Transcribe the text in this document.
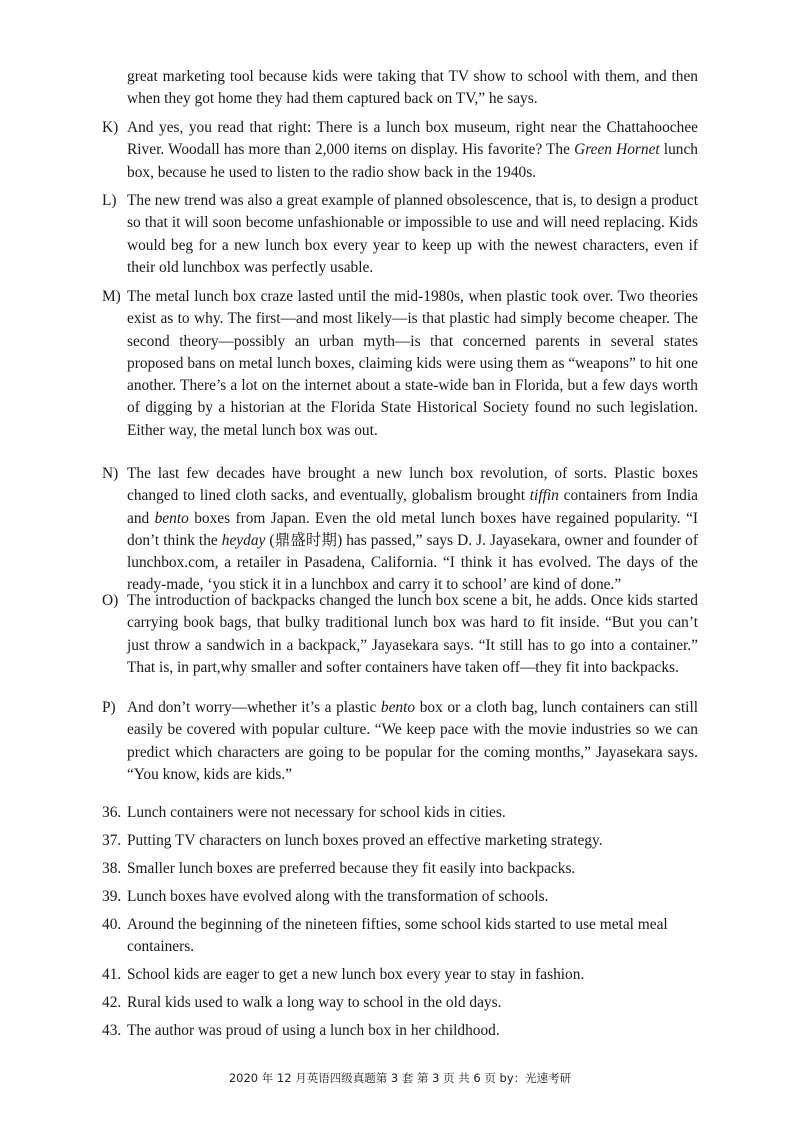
great marketing tool because kids were taking that TV show to school with them, and then when they got home they had them captured back on TV,” he says.
K) And yes, you read that right: There is a lunch box museum, right near the Chattahoochee River. Woodall has more than 2,000 items on display. His favorite? The Green Hornet lunch box, because he used to listen to the radio show back in the 1940s.
L) The new trend was also a great example of planned obsolescence, that is, to design a product so that it will soon become unfashionable or impossible to use and will need replacing. Kids would beg for a new lunch box every year to keep up with the newest characters, even if their old lunchbox was perfectly usable.
M) The metal lunch box craze lasted until the mid-1980s, when plastic took over. Two theories exist as to why. The first—and most likely—is that plastic had simply become cheaper. The second theory—possibly an urban myth—is that concerned parents in several states proposed bans on metal lunch boxes, claiming kids were using them as “weapons” to hit one another. There’s a lot on the internet about a state-wide ban in Florida, but a few days worth of digging by a historian at the Florida State Historical Society found no such legislation. Either way, the metal lunch box was out.
N) The last few decades have brought a new lunch box revolution, of sorts. Plastic boxes changed to lined cloth sacks, and eventually, globalism brought tiffin containers from India and bento boxes from Japan. Even the old metal lunch boxes have regained popularity. “I don’t think the heyday (鼎盛时期) has passed,” says D. J. Jayasekara, owner and founder of lunchbox.com, a retailer in Pasadena, California. “I think it has evolved. The days of the ready-made, ‘you stick it in a lunchbox and carry it to school’ are kind of done.”
O) The introduction of backpacks changed the lunch box scene a bit, he adds. Once kids started carrying book bags, that bulky traditional lunch box was hard to fit inside. “But you can’t just throw a sandwich in a backpack,” Jayasekara says. “It still has to go into a container.” That is, in part,why smaller and softer containers have taken off—they fit into backpacks.
P) And don’t worry—whether it’s a plastic bento box or a cloth bag, lunch containers can still easily be covered with popular culture. “We keep pace with the movie industries so we can predict which characters are going to be popular for the coming months,” Jayasekara says. “You know, kids are kids.”
36. Lunch containers were not necessary for school kids in cities.
37. Putting TV characters on lunch boxes proved an effective marketing strategy.
38. Smaller lunch boxes are preferred because they fit easily into backpacks.
39. Lunch boxes have evolved along with the transformation of schools.
40. Around the beginning of the nineteen fifties, some school kids started to use metal meal containers.
41. School kids are eager to get a new lunch box every year to stay in fashion.
42. Rural kids used to walk a long way to school in the old days.
43. The author was proud of using a lunch box in her childhood.
2020 年 12 月英语四级真题第 3 套 第 3 页 共 6 页 by：光速考研
